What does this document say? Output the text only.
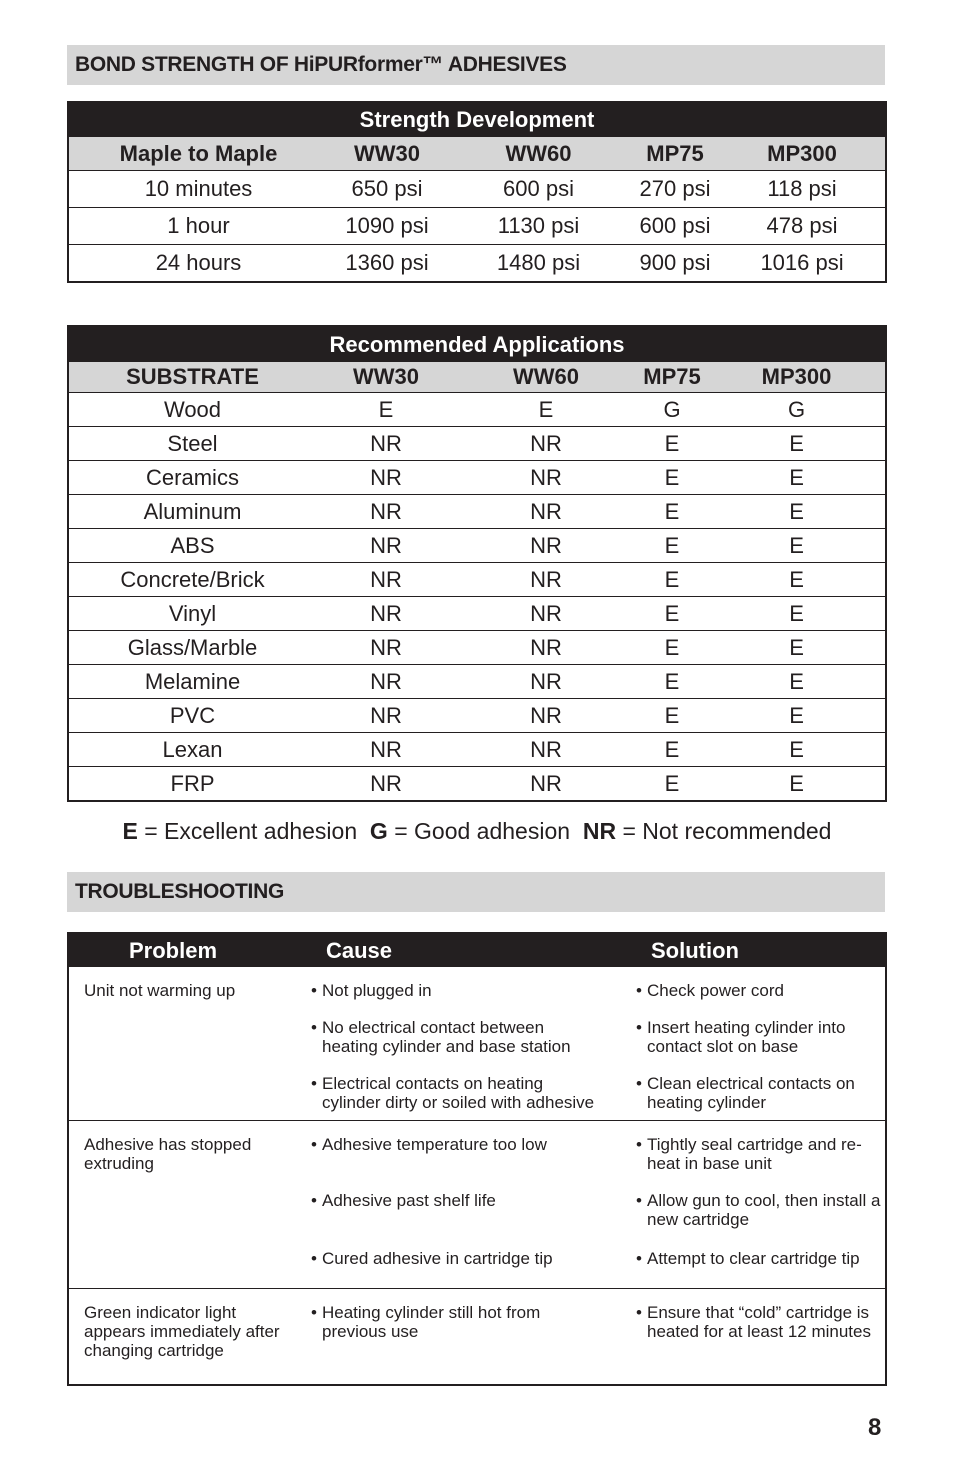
BOND STRENGTH OF HiPURformer™ ADHESIVES
Strength Development				
Maple to Maple	WW30	WW60	MP75	MP300
10 minutes	650 psi	600 psi	270 psi	118 psi
1 hour	1090 psi	1130 psi	600 psi	478 psi
24 hours	1360 psi	1480 psi	900 psi	1016 psi
Recommended Applications				
SUBSTRATE	WW30	WW60	MP75	MP300
Wood	E	E	G	G
Steel	NR	NR	E	E
Ceramics	NR	NR	E	E
Aluminum	NR	NR	E	E
ABS	NR	NR	E	E
Concrete/Brick	NR	NR	E	E
Vinyl	NR	NR	E	E
Glass/Marble	NR	NR	E	E
Melamine	NR	NR	E	E
PVC	NR	NR	E	E
Lexan	NR	NR	E	E
FRP	NR	NR	E	E
E = Excellent adhesion  G = Good adhesion  NR = Not recommended
TROUBLESHOOTING
Problem	Cause	Solution
Unit not warming up	• Not plugged in	• Check power cord

	• No electrical contact between heating cylinder and base station	• Insert heating cylinder into contact slot on base

	• Electrical contacts on heating cylinder dirty or soiled with adhesive	• Clean electrical contacts on heating cylinder

Adhesive has stopped extruding	• Adhesive temperature too low	• Tightly seal cartridge and re-heat in base unit

	• Adhesive past shelf life	• Allow gun to cool, then install a new cartridge

	• Cured adhesive in cartridge tip	• Attempt to clear cartridge tip

Green indicator light appears immediately after changing cartridge	• Heating cylinder still hot from previous use	• Ensure that “cold” cartridge is heated for at least 12 minutes
8
